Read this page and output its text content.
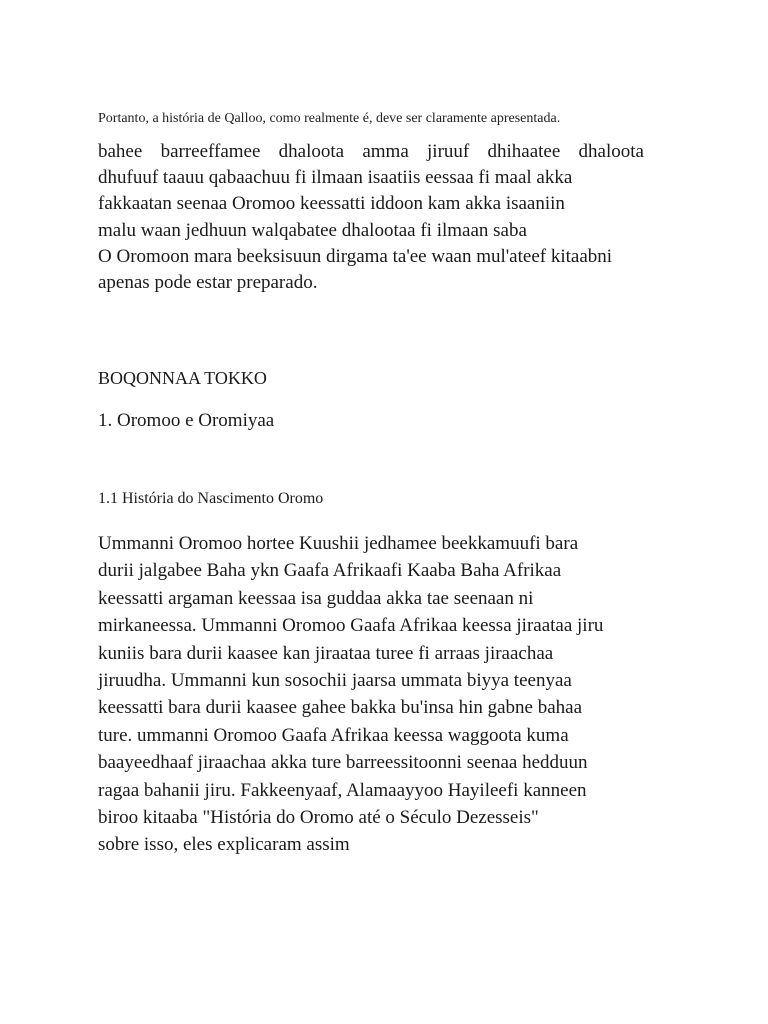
Portanto, a história de Qalloo, como realmente é, deve ser claramente apresentada.
bahee barreeffamee dhaloota amma jiruuf dhihaatee dhaloota
dhufuuf taauu qabaachuu fi ilmaan isaatiis eessaa fi maal akka
fakkaatan seenaa Oromoo keessatti iddoon kam akka isaaniin
malu waan jedhuun walqabatee dhalootaa fi ilmaan saba
O Oromoon mara beeksisuun dirgama ta'ee waan mul'ateef kitaabni
apenas pode estar preparado.
BOQONNAA TOKKO
1. Oromoo e Oromiyaa
1.1 História do Nascimento Oromo
Ummanni Oromoo hortee Kuushii jedhamee beekkamuufi bara
durii jalgabee Baha ykn Gaafa Afrikaafi Kaaba Baha Afrikaa
keessatti argaman keessaa isa guddaa akka tae seenaan ni
mirkaneessa. Ummanni Oromoo Gaafa Afrikaa keessa jiraataa jiru
kuniis bara durii kaasee kan jiraataa turee fi arraas jiraachaa
jiruudha. Ummanni kun sosochii jaarsa ummata biyya teenyaa
keessatti bara durii kaasee gahee bakka bu'insa hin gabne bahaa
ture. ummanni Oromoo Gaafa Afrikaa keessa waggoota kuma
baayeedhaaf jiraachaa akka ture barreessitoonni seenaa hedduun
ragaa bahanii jiru. Fakkeenyaaf, Alamaayyoo Hayileefi kanneen
biroo kitaaba "História do Oromo até o Século Dezesseis"
sobre isso, eles explicaram assim
